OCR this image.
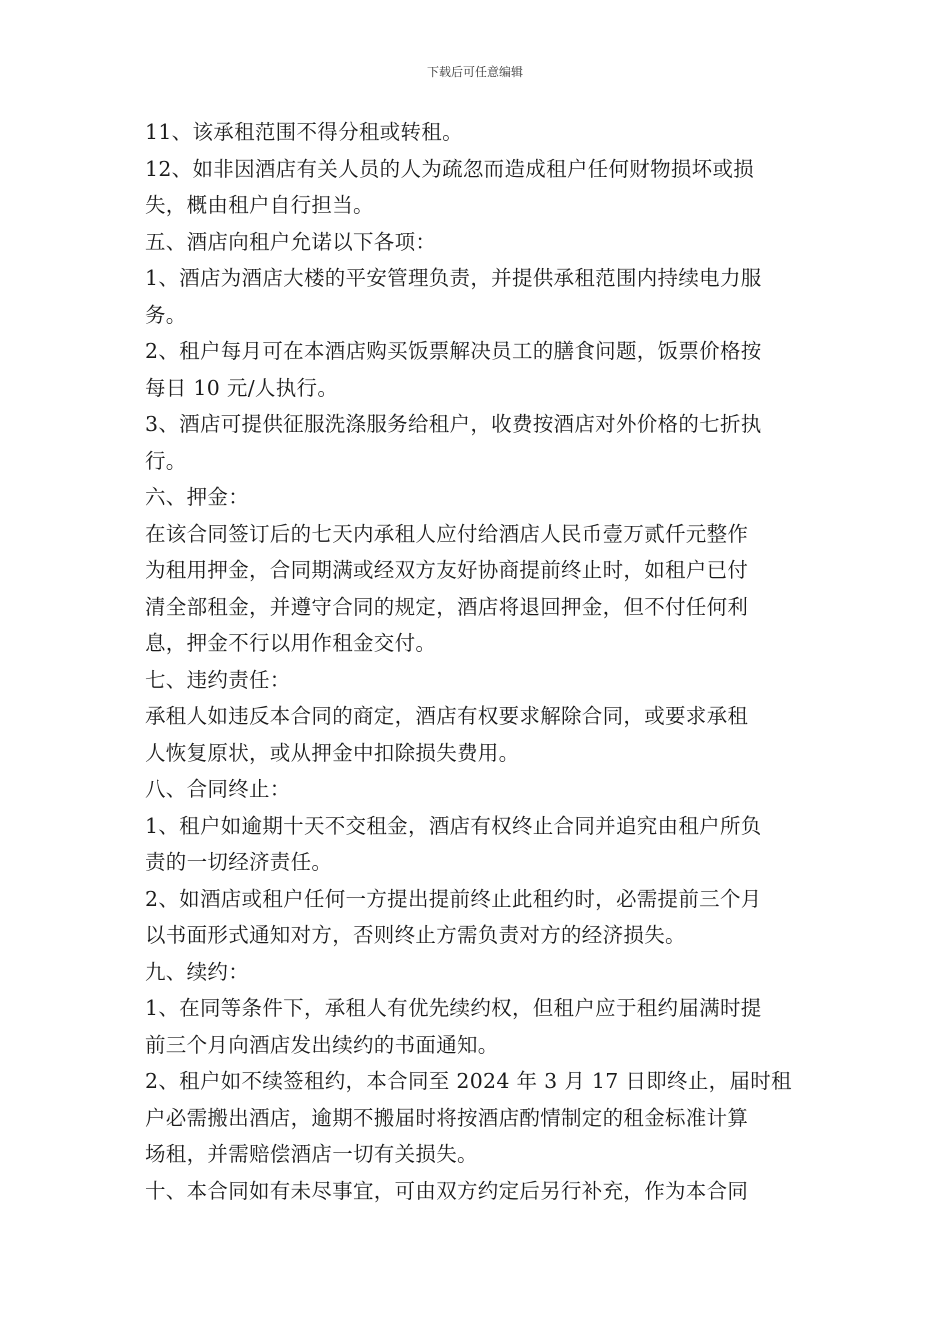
下载后可任意编辑

11、该承租范围不得分租或转租。

12、如非因酒店有关人员的人为疏忽而造成租户任何财物损坏或损

失，概由租户自行担当。

五、酒店向租户允诺以下各项：

1、酒店为酒店大楼的平安管理负责，并提供承租范围内持续电力服

务。

2、租户每月可在本酒店购买饭票解决员工的膳食问题，饭票价格按

每日 10 元/人执行。

3、酒店可提供征服洗涤服务给租户，收费按酒店对外价格的七折执

行。

六、押金：

在该合同签订后的七天内承租人应付给酒店人民币壹万贰仟元整作

为租用押金，合同期满或经双方友好协商提前终止时，如租户已付

清全部租金，并遵守合同的规定，酒店将退回押金，但不付任何利

息，押金不行以用作租金交付。

七、违约责任：

承租人如违反本合同的商定，酒店有权要求解除合同，或要求承租

人恢复原状，或从押金中扣除损失费用。

八、合同终止：

1、租户如逾期十天不交租金，酒店有权终止合同并追究由租户所负

责的一切经济责任。

2、如酒店或租户任何一方提出提前终止此租约时，必需提前三个月

以书面形式通知对方，否则终止方需负责对方的经济损失。

九、续约：

1、在同等条件下，承租人有优先续约权，但租户应于租约届满时提

前三个月向酒店发出续约的书面通知。

2、租户如不续签租约，本合同至 2024 年 3 月 17 日即终止，届时租

户必需搬出酒店，逾期不搬届时将按酒店酌情制定的租金标准计算

场租，并需赔偿酒店一切有关损失。

十、本合同如有未尽事宜，可由双方约定后另行补充，作为本合同
